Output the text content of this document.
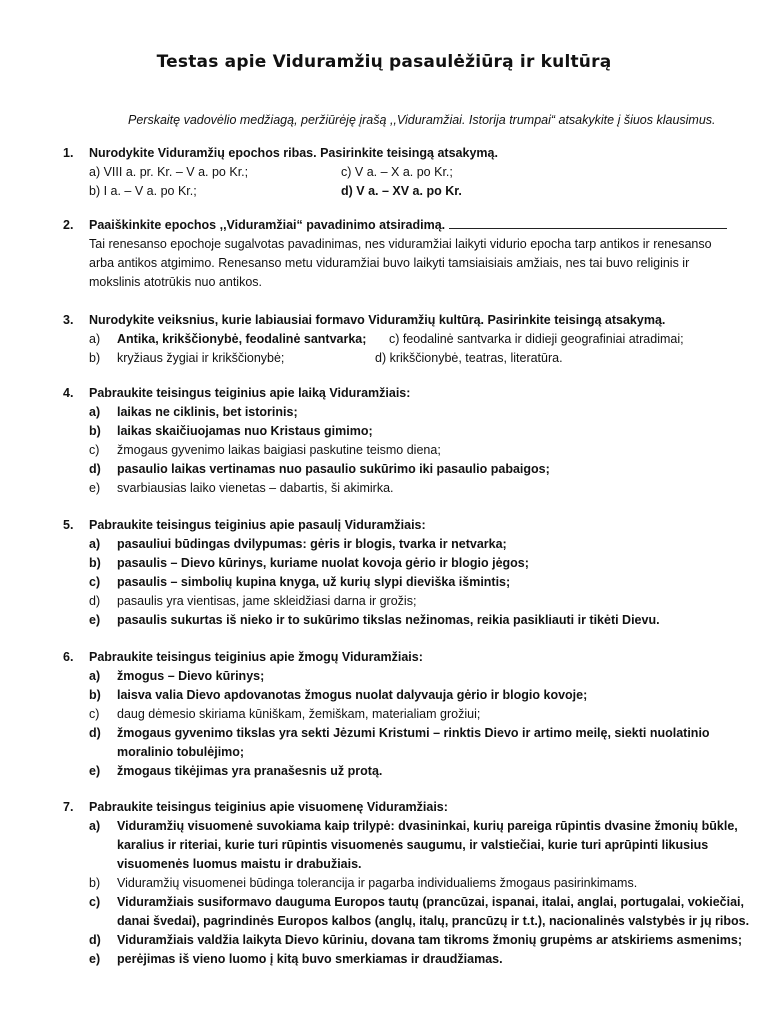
Testas apie Viduramžių pasaulėžiūrą ir kultūrą
Perskaitę vadovėlio medžiagą, peržiūrėję įrašą ,,Viduramžiai. Istorija trumpai“ atsakykite į šiuos klausimus.
1. Nurodykite Viduramžių epochos ribas. Pasirinkite teisingą atsakymą.
a) VIII a. pr. Kr. – V a. po Kr.;	c) V a. – X a. po Kr.;
b) I a. – V a. po Kr.;	d) V a. – XV a. po Kr.
2. Paaiškinkite epochos ,,Viduramžiai“ pavadinimo atsiradimą.
Tai renesanso epochoje sugalvotas pavadinimas, nes viduramžiai laikyti vidurio epocha tarp antikos ir renesanso
arba antikos atgimimo. Renesanso metu viduramžiai buvo laikyti tamsiaisiais amžiais, nes tai buvo religinis ir
mokslinis atotrūkis nuo antikos.
3. Nurodykite veiksnius, kurie labiausiai formavo Viduramžių kultūrą. Pasirinkite teisingą atsakymą.
a) Antika, krikščionybė, feodalinė santvarka; c) feodalinė santvarka ir didieji geografiniai atradimai;
b) kryžiaus žygiai ir krikščionybė;	d) krikščionybė, teatras, literatūra.
4. Pabraukite teisingus teiginius apie laiką Viduramžiais:
a) laikas ne ciklinis, bet istorinis;
b) laikas skaičiuojamas nuo Kristaus gimimo;
c) žmogaus gyvenimo laikas baigiasi paskutine teismo diena;
d) pasaulio laikas vertinamas nuo pasaulio sukūrimo iki pasaulio pabaigos;
e) svarbiausias laiko vienetas – dabartis, ši akimirka.
5. Pabraukite teisingus teiginius apie pasaulį Viduramžiais:
a) pasauliui būdingas dvilypumas: gėris ir blogis, tvarka ir netvarka;
b) pasaulis – Dievo kūrinys, kuriame nuolat kovoja gėrio ir blogio jėgos;
c) pasaulis – simbolių kupina knyga, už kurių slypi dieviška išmintis;
d) pasaulis yra vientisas, jame skleidžiasi darna ir grožis;
e) pasaulis sukurtas iš nieko ir to sukūrimo tikslas nežinomas, reikia pasikliauti ir tikėti Dievu.
6. Pabraukite teisingus teiginius apie žmogų Viduramžiais:
a) žmogus – Dievo kūrinys;
b) laisva valia Dievo apdovanotas žmogus nuolat dalyvauja gėrio ir blogio kovoje;
c) daug dėmesio skiriama kūniškam, žemiškam, materialiam grožiui;
d) žmogaus gyvenimo tikslas yra sekti Jėzumi Kristumi – rinktis Dievo ir artimo meilę, siekti nuolatinio
moralinio tobulėjimo;
e) žmogaus tikėjimas yra pranašesnis už protą.
7. Pabraukite teisingus teiginius apie visuomenę Viduramžiais:
a) Viduramžių visuomenė suvokiama kaip trilypė: dvasininkai, kurių pareiga rūpintis dvasine žmonių būkle,
karalius ir riteriai, kurie turi rūpintis visuomenės saugumu, ir valstiečiai, kurie turi aprūpinti likusius
visuomenės luomus maistu ir drabužiais.
b) Viduramžių visuomenei būdinga tolerancija ir pagarba individualiems žmogaus pasirinkimams.
c) Viduramžiais susiformavo dauguma Europos tautų (prancūzai, ispanai, italai, anglai, portugalai, vokiečiai,
danai švedai), pagrindinės Europos kalbos (anglų, italų, prancūzų ir t.t.), nacionalinės valstybės ir jų ribos.
d) Viduramžiais valdžia laikyta Dievo kūriniu, dovana tam tikroms žmonių grupėms ar atskiriems asmenims;
e) perėjimas iš vieno luomo į kitą buvo smerkiamas ir draudžiamas.
